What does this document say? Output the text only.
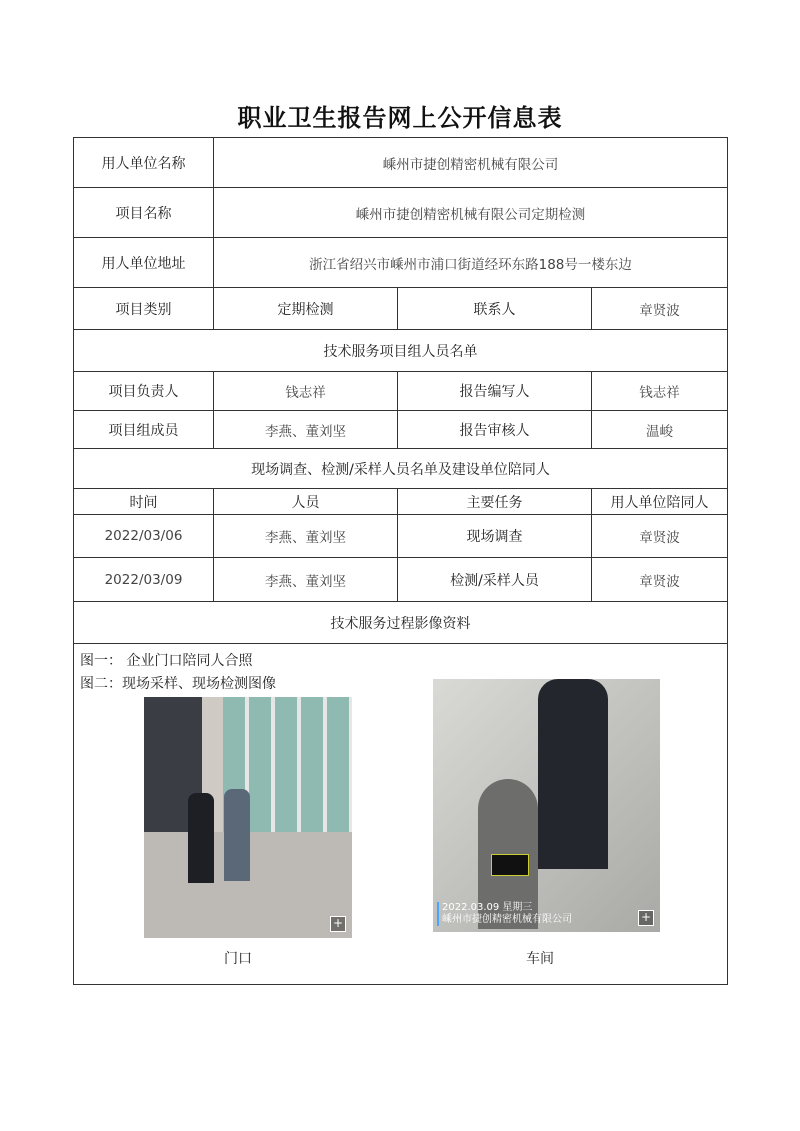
职业卫生报告网上公开信息表
用人单位名称	嵊州市捷创精密机械有限公司
项目名称	嵊州市捷创精密机械有限公司定期检测
用人单位地址	浙江省绍兴市嵊州市浦口街道经环东路188号一楼东边
项目类别	定期检测	联系人	章贤波
技术服务项目组人员名单
项目负责人	钱志祥	报告编写人	钱志祥
项目组成员	李燕、董刘坚	报告审核人	温峻
现场调查、检测/采样人员名单及建设单位陪同人
时间	人员	主要任务	用人单位陪同人
2022/03/06	李燕、董刘坚	现场调查	章贤波
2022/03/09	李燕、董刘坚	检测/采样人员	章贤波
技术服务过程影像资料
图一： 企业门口陪同人合照
图二：现场采样、现场检测图像
+
2022.03.09 星期三
嵊州市捷创精密机械有限公司	+
门口	车间
